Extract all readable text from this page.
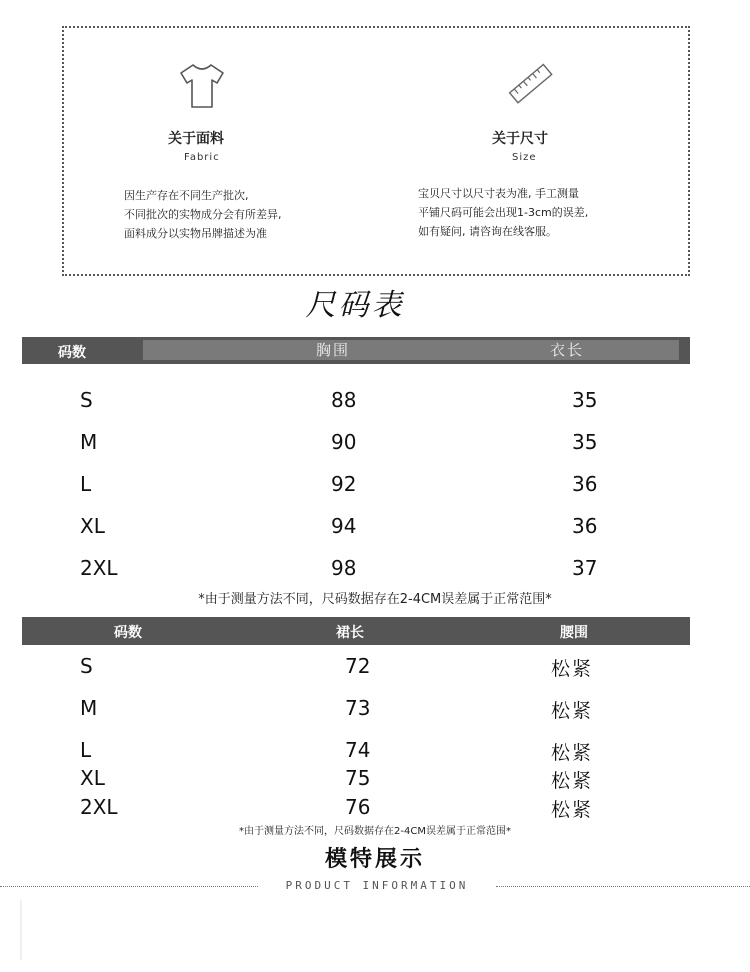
关于面料
Fabric
因生产存在不同生产批次,
不同批次的实物成分会有所差异,
面料成分以实物吊牌描述为准
关于尺寸
Size
宝贝尺寸以尺寸表为准, 手工测量
平铺尺码可能会出现1-3cm的误差,
如有疑问, 请咨询在线客服。
尺码表
码数	胸围	衣长
S	88	35
M	90	35
L	92	36
XL	94	36
2XL	98	37
*由于测量方法不同，尺码数据存在2-4CM误差属于正常范围*
码数	裙长	腰围
S	72	松紧
M	73	松紧
L	74	松紧
XL	75	松紧
2XL	76	松紧
*由于测量方法不同，尺码数据存在2-4CM误差属于正常范围*
模特展示
PRODUCT INFORMATION
